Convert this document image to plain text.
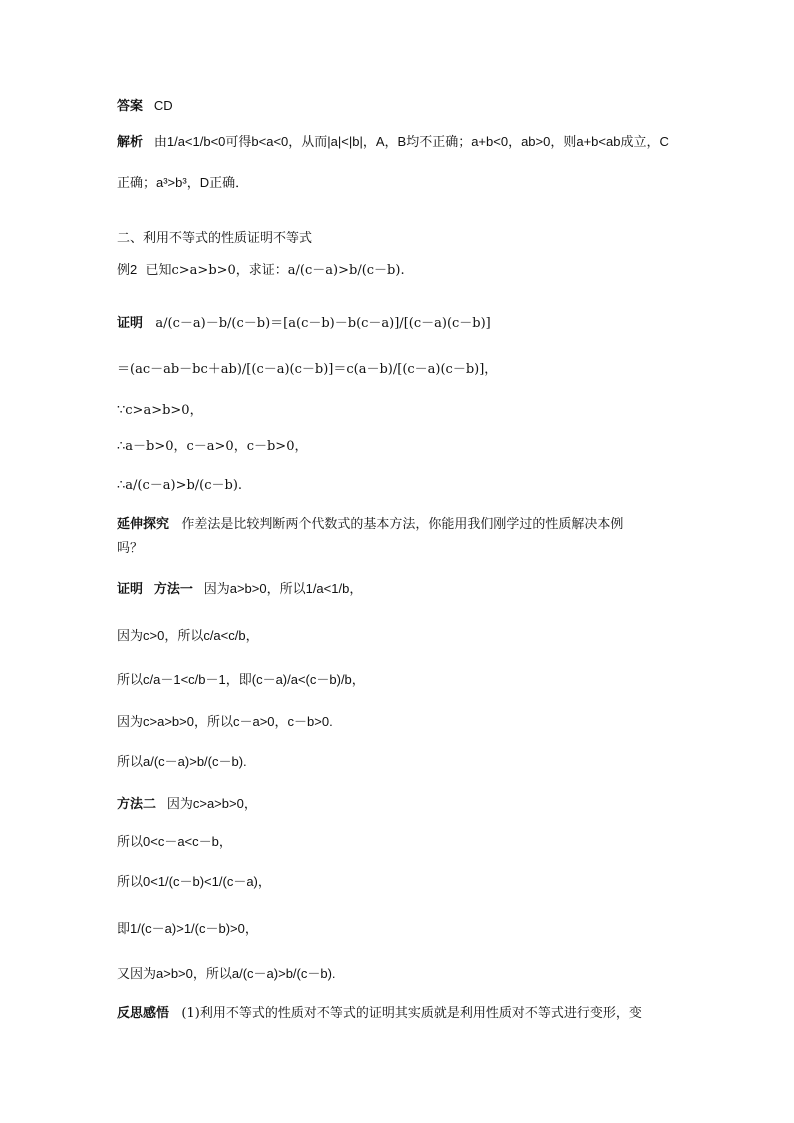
答案 CD
解析 由1/a<1/b<0可得b<a<0，从而|a|<|b|，A，B均不正确；a+b<0，ab>0，则a+b<ab成立，C
正确；a³>b³，D正确．
二、利用不等式的性质证明不等式
例2 已知c>a>b>0，求证：a/(c－a)>b/(c－b).
证明 a/(c－a)－b/(c－b)＝[a(c－b)－b(c－a)]/[(c－a)(c－b)]
＝(ac－ab－bc＋ab)/[(c－a)(c－b)]＝c(a－b)/[(c－a)(c－b)]，
∵c>a>b>0，
∴a－b>0，c－a>0，c－b>0，
∴a/(c－a)>b/(c－b).
延伸探究 作差法是比较判断两个代数式的基本方法，你能用我们刚学过的性质解决本例
吗？
证明 方法一 因为a>b>0，所以1/a<1/b，
因为c>0，所以c/a<c/b，
所以c/a－1<c/b－1，即(c－a)/a<(c－b)/b，
因为c>a>b>0，所以c－a>0，c－b>0.
所以a/(c－a)>b/(c－b).
方法二 因为c>a>b>0，
所以0<c－a<c－b，
所以0<1/(c－b)<1/(c－a)，
即1/(c－a)>1/(c－b)>0，
又因为a>b>0，所以a/(c－a)>b/(c－b).
反思感悟 (1)利用不等式的性质对不等式的证明其实质就是利用性质对不等式进行变形，变
